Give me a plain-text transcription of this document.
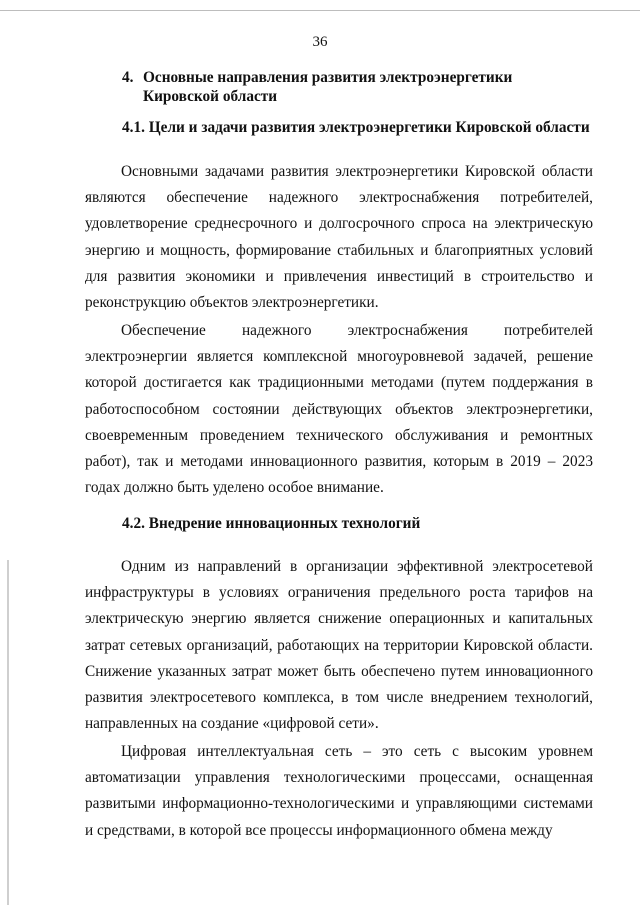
36
4. Основные направления развития электроэнергетики Кировской области
4.1. Цели и задачи развития электроэнергетики Кировской области

Основными задачами развития электроэнергетики Кировской области являются обеспечение надежного электроснабжения потребителей, удовлетворение среднесрочного и долгосрочного спроса на электрическую энергию и мощность, формирование стабильных и благоприятных условий для развития экономики и привлечения инвестиций в строительство и реконструкцию объектов электроэнергетики.

Обеспечение надежного электроснабжения потребителей электроэнергии является комплексной многоуровневой задачей, решение которой достигается как традиционными методами (путем поддержания в работоспособном состоянии действующих объектов электроэнергетики, своевременным проведением технического обслуживания и ремонтных работ), так и методами инновационного развития, которым в 2019 – 2023 годах должно быть уделено особое внимание.

4.2. Внедрение инновационных технологий

Одним из направлений в организации эффективной электросетевой инфраструктуры в условиях ограничения предельного роста тарифов на электрическую энергию является снижение операционных и капитальных затрат сетевых организаций, работающих на территории Кировской области. Снижение указанных затрат может быть обеспечено путем инновационного развития электросетевого комплекса, в том числе внедрением технологий, направленных на создание «цифровой сети».

Цифровая интеллектуальная сеть – это сеть с высоким уровнем автоматизации управления технологическими процессами, оснащенная развитыми информационно-технологическими и управляющими системами и средствами, в которой все процессы информационного обмена между
